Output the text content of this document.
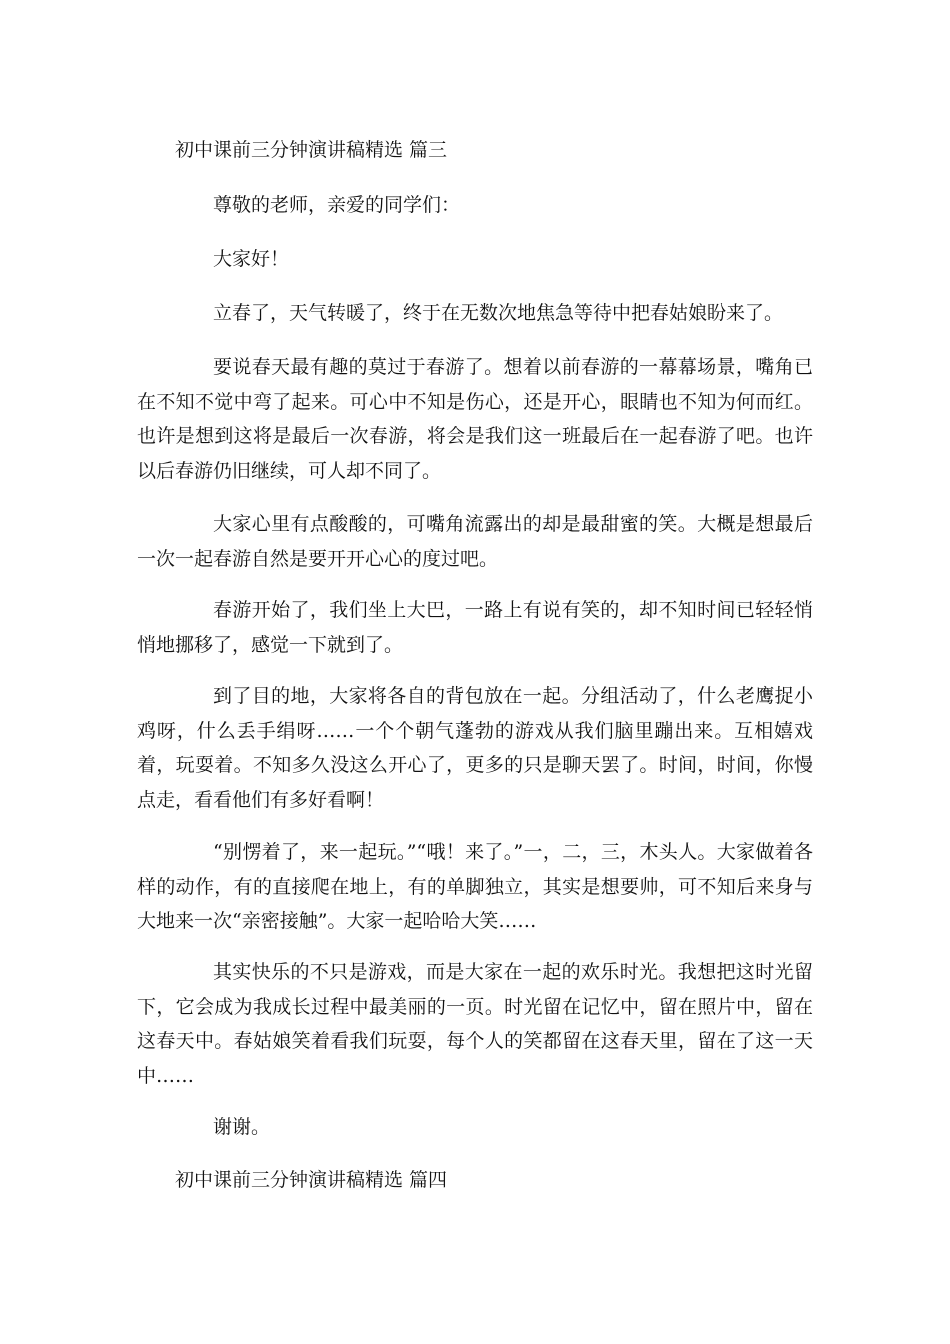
初中课前三分钟演讲稿精选 篇三
尊敬的老师，亲爱的同学们：
大家好！
立春了，天气转暖了，终于在无数次地焦急等待中把春姑娘盼来了。
要说春天最有趣的莫过于春游了。想着以前春游的一幕幕场景，嘴角已在不知不觉中弯了起来。可心中不知是伤心，还是开心，眼睛也不知为何而红。也许是想到这将是最后一次春游，将会是我们这一班最后在一起春游了吧。也许以后春游仍旧继续，可人却不同了。
大家心里有点酸酸的，可嘴角流露出的却是最甜蜜的笑。大概是想最后一次一起春游自然是要开开心心的度过吧。
春游开始了，我们坐上大巴，一路上有说有笑的，却不知时间已轻轻悄悄地挪移了，感觉一下就到了。
到了目的地，大家将各自的背包放在一起。分组活动了，什么老鹰捉小鸡呀，什么丢手绢呀……一个个朝气蓬勃的游戏从我们脑里蹦出来。互相嬉戏着，玩耍着。不知多久没这么开心了，更多的只是聊天罢了。时间，时间，你慢点走，看看他们有多好看啊！
“别愣着了，来一起玩。”“哦！来了。”一，二，三，木头人。大家做着各样的动作，有的直接爬在地上，有的单脚独立，其实是想要帅，可不知后来身与大地来一次“亲密接触”。大家一起哈哈大笑……
其实快乐的不只是游戏，而是大家在一起的欢乐时光。我想把这时光留下，它会成为我成长过程中最美丽的一页。时光留在记忆中，留在照片中，留在这春天中。春姑娘笑着看我们玩耍，每个人的笑都留在这春天里，留在了这一天中……
谢谢。
初中课前三分钟演讲稿精选 篇四
